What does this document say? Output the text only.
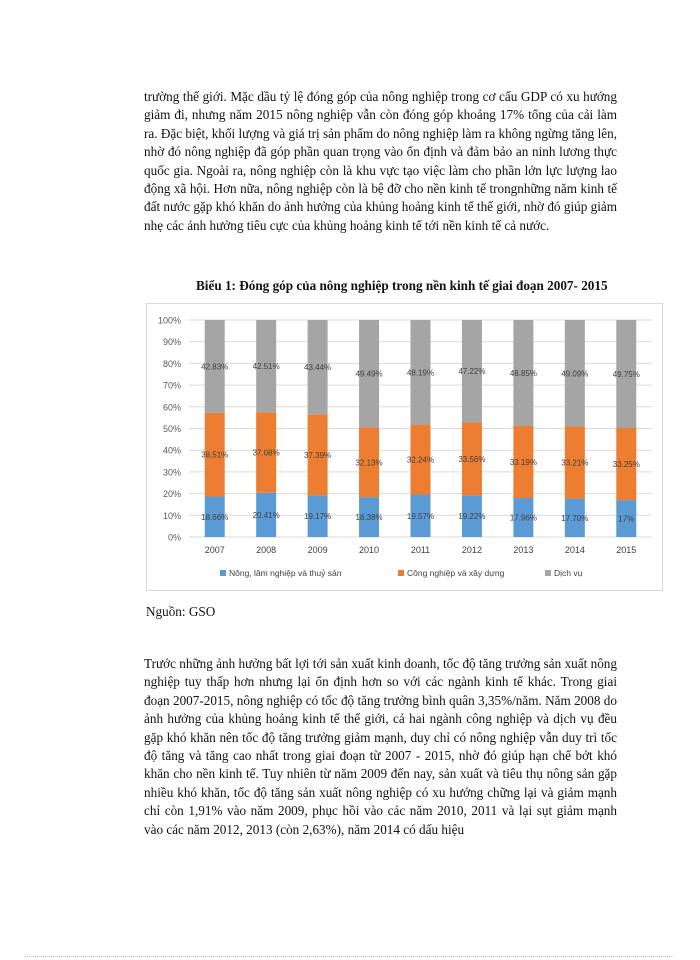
trường thế giới. Mặc dầu tỷ lệ đóng góp của nông nghiệp trong cơ cấu GDP có xu hướng giảm đi, nhưng năm 2015 nông nghiệp vẫn còn đóng góp khoảng 17% tổng của cải làm ra. Đặc biệt, khối lượng và giá trị sản phẩm do nông nghiệp làm ra không ngừng tăng lên, nhờ đó nông nghiệp đã góp phần quan trọng vào ổn định và đảm bảo an ninh lương thực quốc gia. Ngoài ra, nông nghiệp còn là khu vực tạo việc làm cho phần lớn lực lượng lao động xã hội. Hơn nữa, nông nghiệp còn là bệ đỡ cho nền kinh tế trongnhững năm kinh tế đất nước gặp khó khăn do ảnh hưởng của khủng hoảng kinh tế thế giới, nhờ đó giúp giảm nhẹ các ảnh hưởng tiêu cực của khủng hoảng kinh tế tới nền kinh tế cả nước.

Biểu 1: Đóng góp của nông nghiệp trong nền kinh tế giai đoạn 2007- 2015
0%
10%
20%
30%
40%
50%
60%
70%
80%
90%
100%
18.66%
38.51%
42.83%
2007
20.41%
37.08%
42.51%
2008
19.17%
37.39%
43.44%
2009
18.38%
32.13%
49.49%
2010
19.57%
32.24%
48.19%
2011
19.22%
33.56%
47.22%
2012
17.96%
33.19%
48.85%
2013
17.70%
33.21%
49.09%
2014
17%
33.25%
49.75%
2015
Nông, lâm nghiệp và thuỷ sản	Công nghiệp và xây dựng	Dịch vụ
Nguồn: GSO

Trước những ảnh hưởng bất lợi tới sản xuất kinh doanh, tốc độ tăng trưởng sản xuất nông nghiệp tuy thấp hơn nhưng lại ổn định hơn so với các ngành kinh tế khác. Trong giai đoạn 2007-2015, nông nghiệp có tốc độ tăng trưởng bình quân 3,35%/năm. Năm 2008 do ảnh hưởng của khủng hoảng kinh tế thế giới, cả hai ngành công nghiệp và dịch vụ đều gặp khó khăn nên tốc độ tăng trưởng giảm mạnh, duy chỉ có nông nghiệp vẫn duy trì tốc độ tăng và tăng cao nhất trong giai đoạn từ 2007 - 2015, nhờ đó giúp hạn chế bớt khó khăn cho nền kinh tế. Tuy nhiên từ năm 2009 đến nay, sản xuất và tiêu thụ nông sản gặp nhiều khó khăn, tốc độ tăng sản xuất nông nghiệp có xu hướng chững lại và giảm mạnh chỉ còn 1,91% vào năm 2009, phục hồi vào các năm 2010, 2011 và lại sụt giảm mạnh vào các năm 2012, 2013 (còn 2,63%), năm 2014 có dấu hiệu
